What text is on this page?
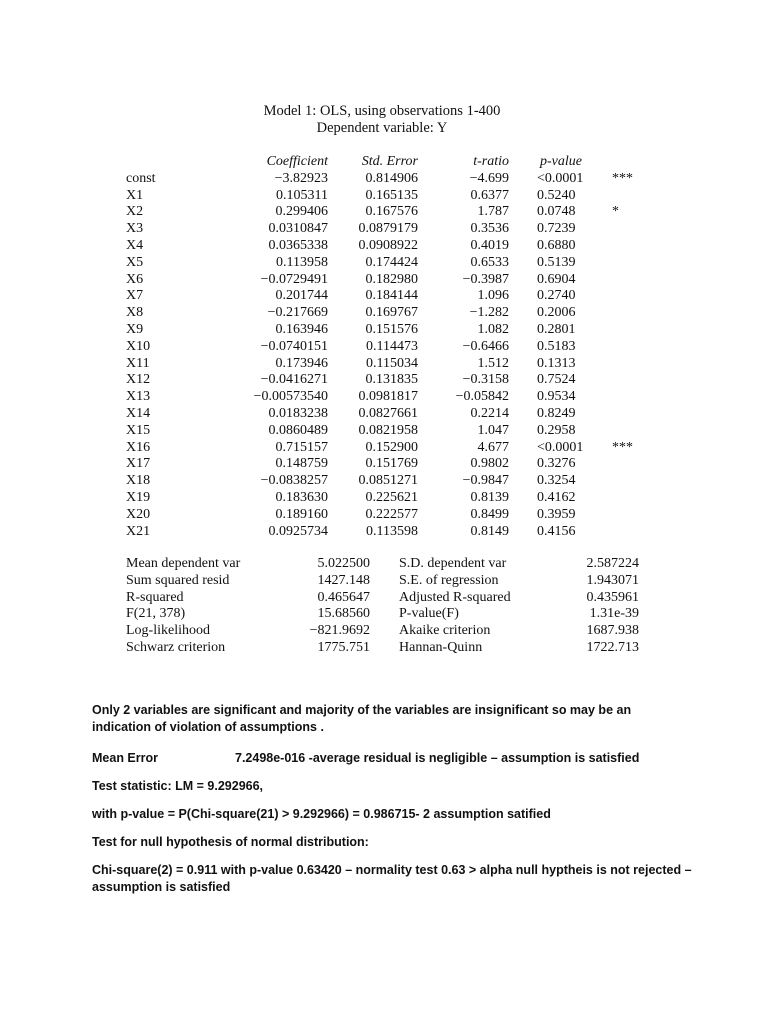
Model 1: OLS, using observations 1-400
Dependent variable: Y
Coefficient	Std. Error	t-ratio p-value
const	−3.82923	0.814906	−4.699 <0.0001 ***
X1	0.105311	0.165135	0.6377 0.5240
X2	0.299406	0.167576	1.787 0.0748	*
X3	0.0310847	0.0879179	0.3536 0.7239
X4	0.0365338	0.0908922	0.4019 0.6880
X5	0.113958	0.174424	0.6533 0.5139
X6	−0.0729491	0.182980	−0.3987 0.6904
X7	0.201744	0.184144	1.096 0.2740
X8	−0.217669	0.169767	−1.282 0.2006
X9	0.163946	0.151576	1.082 0.2801
X10	−0.0740151	0.114473	−0.6466 0.5183
X11	0.173946	0.115034	1.512 0.1313
X12	−0.0416271	0.131835	−0.3158 0.7524
X13	−0.00573540	0.0981817	−0.05842 0.9534
X14	0.0183238	0.0827661	0.2214 0.8249
X15	0.0860489	0.0821958	1.047 0.2958
X16	0.715157	0.152900	4.677 <0.0001 ***
X17	0.148759	0.151769	0.9802 0.3276
X18	−0.0838257	0.0851271	−0.9847 0.3254
X19	0.183630	0.225621	0.8139 0.4162
X20	0.189160	0.222577	0.8499 0.3959
X21	0.0925734	0.113598	0.8149 0.4156
Mean dependent var	5.022500 S.D. dependent var	2.587224
Sum squared resid	1427.148 S.E. of regression	1.943071
R-squared	0.465647 Adjusted R-squared	0.435961
F(21, 378)	15.68560 P-value(F)	1.31e-39
Log-likelihood	−821.9692 Akaike criterion	1687.938
Schwarz criterion	1775.751 Hannan-Quinn	1722.713

Only 2 variables are significant and majority of the variables are insignificant so may be an indication of violation of assumptions .

Mean Error	7.2498e-016 -average residual is negligible – assumption is satisfied

Test statistic: LM = 9.292966,

with p-value = P(Chi-square(21) > 9.292966) = 0.986715- 2 assumption satified

Test for null hypothesis of normal distribution:

Chi-square(2) = 0.911 with p-value 0.63420 – normality test 0.63 > alpha null hyptheis is not rejected – assumption is satisfied
